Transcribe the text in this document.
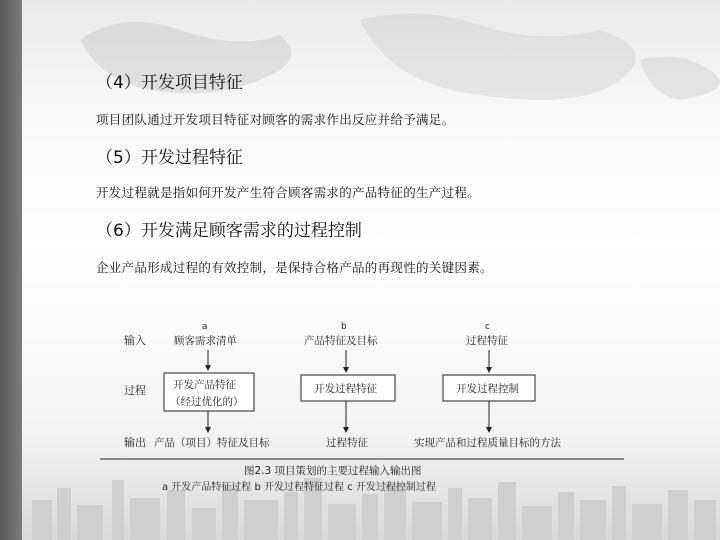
（4）开发项目特征
项目团队通过开发项目特征对顾客的需求作出反应并给予满足。
（5）开发过程特征
开发过程就是指如何开发产生符合顾客需求的产品特征的生产过程。
（6）开发满足顾客需求的过程控制
企业产品形成过程的有效控制，是保持合格产品的再现性的关键因素。
输入
过程
输出
a	b	c
顾客需求清单	产品特征及目标	过程特征
开发产品特征
（经过优化的）
开发过程特征	开发过程控制
产品（项目）特征及目标	过程特征	实现产品和过程质量目标的方法
图2.3 项目策划的主要过程输入输出图
a 开发产品特征过程 b 开发过程特征过程 c 开发过程控制过程
